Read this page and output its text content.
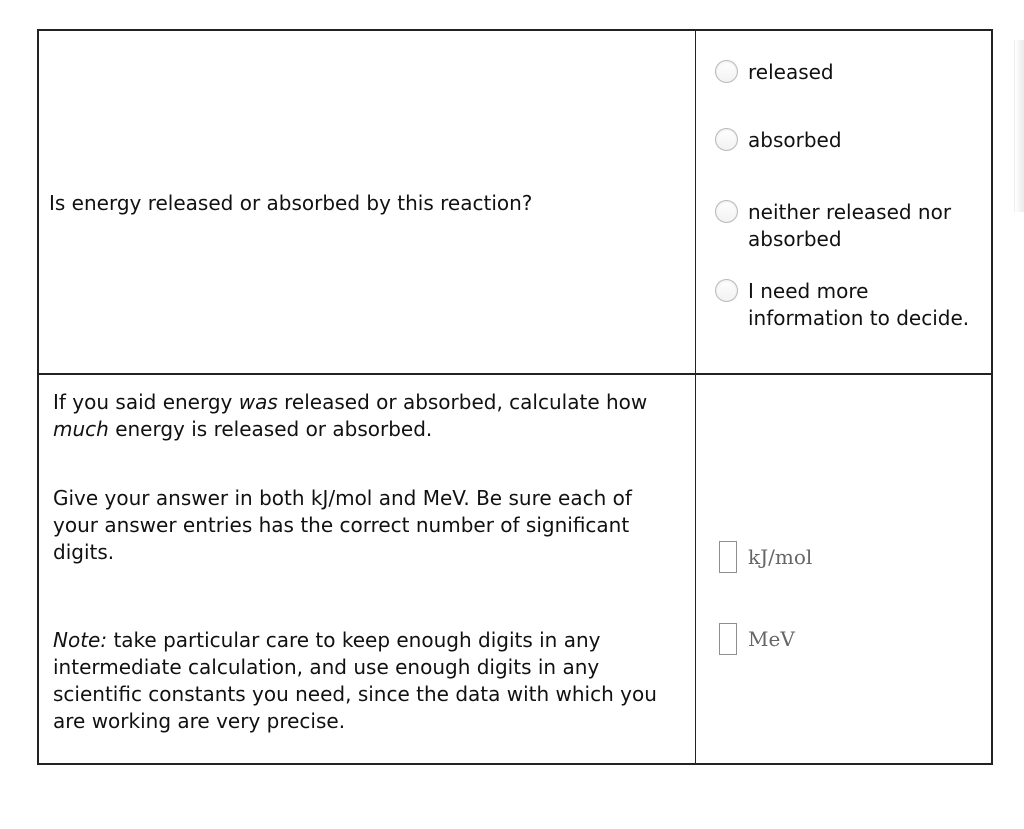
Is energy released or absorbed by this reaction?
released
absorbed
neither released nor absorbed
I need more information to decide.
If you said energy was released or absorbed, calculate how much energy is released or absorbed.
Give your answer in both kJ/mol and MeV. Be sure each of your answer entries has the correct number of significant digits.
Note: take particular care to keep enough digits in any intermediate calculation, and use enough digits in any scientific constants you need, since the data with which you are working are very precise.
kJ/mol
MeV
